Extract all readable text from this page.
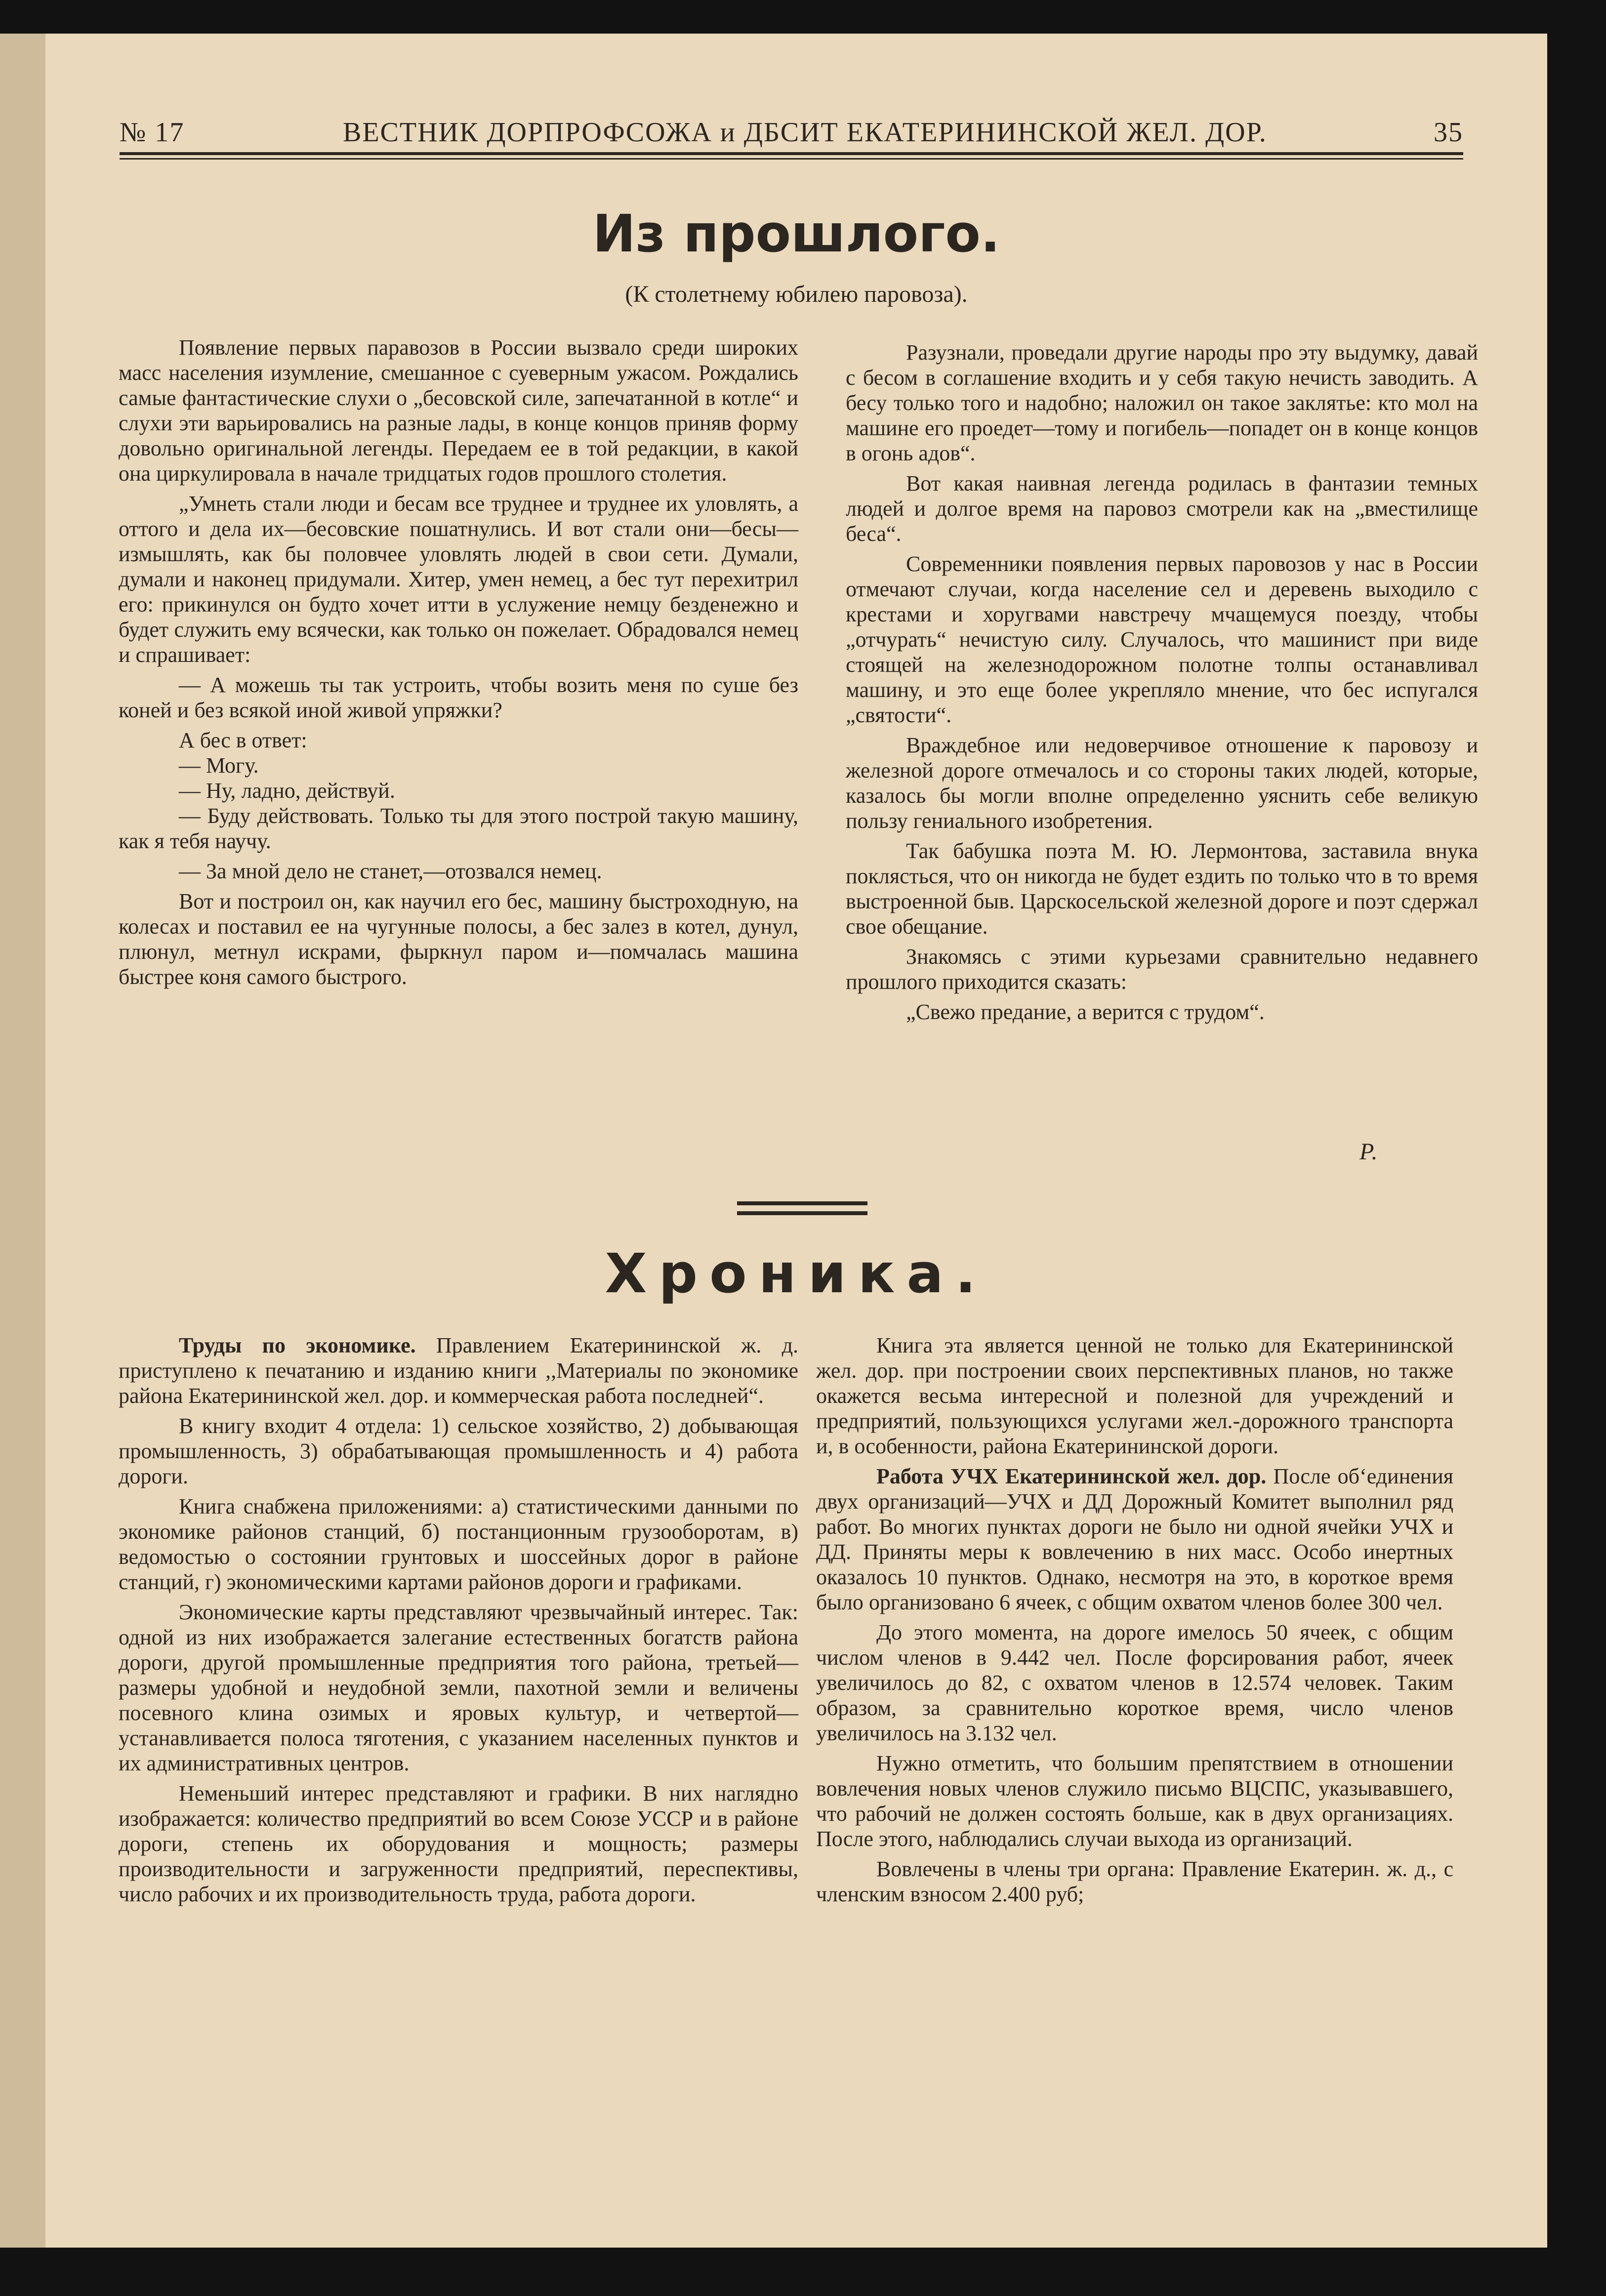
№ 17	ВЕСТНИК ДОРПРОФСОЖА и ДБСИТ ЕКАТЕРИНИНСКОЙ ЖЕЛ. ДОР.	35
Из прошлого.
(К столетнему юбилею паровоза).

Появление первых паравозов в России вызвало среди широких масс населения изумление, смешанное с суеверным ужасом. Рождались самые фантастические слухи о „бесовской силе, запечатанной в котле“ и слухи эти варьировались на разные лады, в конце концов приняв форму довольно оригинальной легенды. Передаем ее в той редакции, в какой она циркулировала в начале тридцатых годов прошлого столетия.

„Умнеть стали люди и бесам все труднее и труднее их уловлять, а оттого и дела их—бесовские пошатнулись. И вот стали они—бесы—измышлять, как бы половчее уловлять людей в свои сети. Думали, думали и наконец придумали. Хитер, умен немец, а бес тут перехитрил его: прикинулся он будто хочет итти в услужение немцу безденежно и будет служить ему всячески, как только он пожелает. Обрадовался немец и спрашивает:

— А можешь ты так устроить, чтобы возить меня по суше без коней и без всякой иной живой упряжки?

А бес в ответ:

— Могу.

— Ну, ладно, действуй.

— Буду действовать. Только ты для этого построй такую машину, как я тебя научу.

— За мной дело не станет,—отозвался немец.

Вот и построил он, как научил его бес, машину быстроходную, на колесах и поставил ее на чугунные полосы, а бес залез в котел, дунул, плюнул, метнул искрами, фыркнул паром и—помчалась машина быстрее коня самого быстрого.

Разузнали, проведали другие народы про эту выдумку, давай с бесом в соглашение входить и у себя такую нечисть заводить. А бесу только того и надобно; наложил он такое заклятье: кто мол на машине его проедет—тому и погибель—попадет он в конце концов в огонь адов“.

Вот какая наивная легенда родилась в фантазии темных людей и долгое время на паровоз смотрели как на „вместилище беса“.

Современники появления первых паровозов у нас в России отмечают случаи, когда население сел и деревень выходило с крестами и хоругвами навстречу мчащемуся поезду, чтобы „отчурать“ нечистую силу. Случалось, что машинист при виде стоящей на железнодорожном полотне толпы останавливал машину, и это еще более укрепляло мнение, что бес испугался „святости“.

Враждебное или недоверчивое отношение к паровозу и железной дороге отмечалось и со стороны таких людей, которые, казалось бы могли вполне определенно уяснить себе великую пользу гениального изобретения.

Так бабушка поэта М. Ю. Лермонтова, заставила внука поклясться, что он никогда не будет ездить по только что в то время выстроенной быв. Царскосельской железной дороге и поэт сдержал свое обещание.

Знакомясь с этими курьезами сравнительно недавнего прошлого приходится сказать:

„Свежо предание, а верится с трудом“.

Р.
Хроника.

Труды по экономике. Правлением Екатерининской ж. д. приступлено к печатанию и изданию книги ,,Материалы по экономике района Екатерининской жел. дор. и коммерческая работа последней“.

В книгу входит 4 отдела: 1) сельское хозяйство, 2) добывающая промышленность, 3) обрабатывающая промышленность и 4) работа дороги.

Книга снабжена приложениями: а) статистическими данными по экономике районов станций, б) постанционным грузооборотам, в) ведомостью о состоянии грунтовых и шоссейных дорог в районе станций, г) экономическими картами районов дороги и графиками.

Экономические карты представляют чрезвычайный интерес. Так: одной из них изображается залегание естественных богатств района дороги, другой промышленные предприятия того района, третьей—размеры удобной и неудобной земли, пахотной земли и величены посевного клина озимых и яровых культур, и четвертой—устанавливается полоса тяготения, с указанием населенных пунктов и их административных центров.

Неменьший интерес представляют и графики. В них наглядно изображается: количество предприятий во всем Союзе УССР и в районе дороги, степень их оборудования и мощность; размеры производительности и загруженности предприятий, переспективы, число рабочих и их производительность труда, работа дороги.

Книга эта является ценной не только для Екатерининской жел. дор. при построении своих перспективных планов, но также окажется весьма интересной и полезной для учреждений и предприятий, пользующихся услугами жел.-дорожного транспорта и, в особенности, района Екатерининской дороги.

Работа УЧХ Екатерининской жел. дор. После об‘единения двух организаций—УЧХ и ДД Дорожный Комитет выполнил ряд работ. Во многих пунктах дороги не было ни одной ячейки УЧХ и ДД. Приняты меры к вовлечению в них масс. Особо инертных оказалось 10 пунктов. Однако, несмотря на это, в короткое время было организовано 6 ячеек, с общим охватом членов более 300 чел.

До этого момента, на дороге имелось 50 ячеек, с общим числом членов в 9.442 чел. После форсирования работ, ячеек увеличилось до 82, с охватом членов в 12.574 человек. Таким образом, за сравнительно короткое время, число членов увеличилось на 3.132 чел.

Нужно отметить, что большим препятствием в отношении вовлечения новых членов служило письмо ВЦСПС, указывавшего, что рабочий не должен состоять больше, как в двух организациях. После этого, наблюдались случаи выхода из организаций.

Вовлечены в члены три органа: Правление Екатерин. ж. д., с членским взносом 2.400 руб;
